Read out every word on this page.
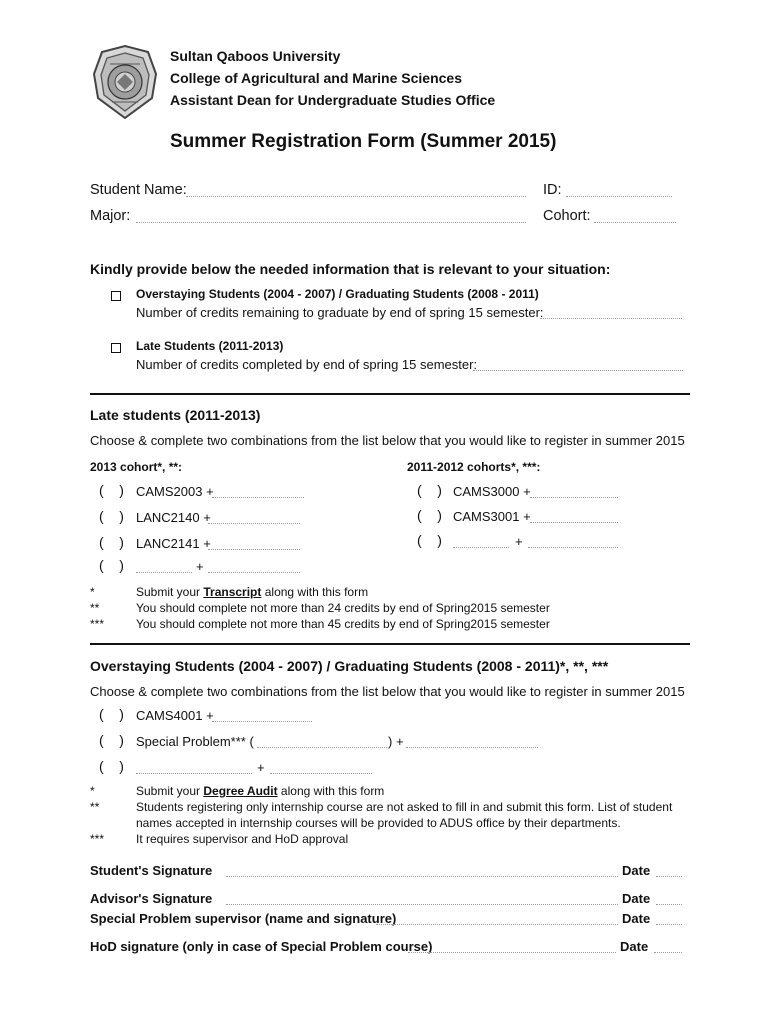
Sultan Qaboos University
College of Agricultural and Marine Sciences
Assistant Dean for Undergraduate Studies Office
Summer Registration Form (Summer 2015)
Student Name:	ID:
Major:	Cohort:
Kindly provide below the needed information that is relevant to your situation:
Overstaying Students (2004 - 2007) / Graduating Students (2008 - 2011)
Number of credits remaining to graduate by end of spring 15 semester:
Late Students (2011-2013)
Number of credits completed by end of spring 15 semester:
Late students (2011-2013)
Choose & complete two combinations from the list below that you would like to register in summer 2015
2013 cohort*, **:	2011-2012 cohorts*, ***:
(    ) CAMS2003 +
(    ) LANC2140 +
(    ) LANC2141 +
(    )	+
(    ) CAMS3000 +
(    ) CAMS3001 +
(    )	+
*	Submit your Transcript along with this form
**	You should complete not more than 24 credits by end of Spring2015 semester
***	You should complete not more than 45 credits by end of Spring2015 semester
Overstaying Students (2004 - 2007) / Graduating Students (2008 - 2011)*, **, ***
Choose & complete two combinations from the list below that you would like to register in summer 2015
(    ) CAMS4001 +
(    ) Special Problem*** (	) +
(    )	+
*	Submit your Degree Audit along with this form
**	Students registering only internship course are not asked to fill in and submit this form. List of student
names accepted in internship courses will be provided to ADUS office by their departments.
***	It requires supervisor and HoD approval
Student's Signature	Date
Advisor's Signature	Date
Special Problem supervisor (name and signature)	Date
HoD signature (only in case of Special Problem course)	Date
